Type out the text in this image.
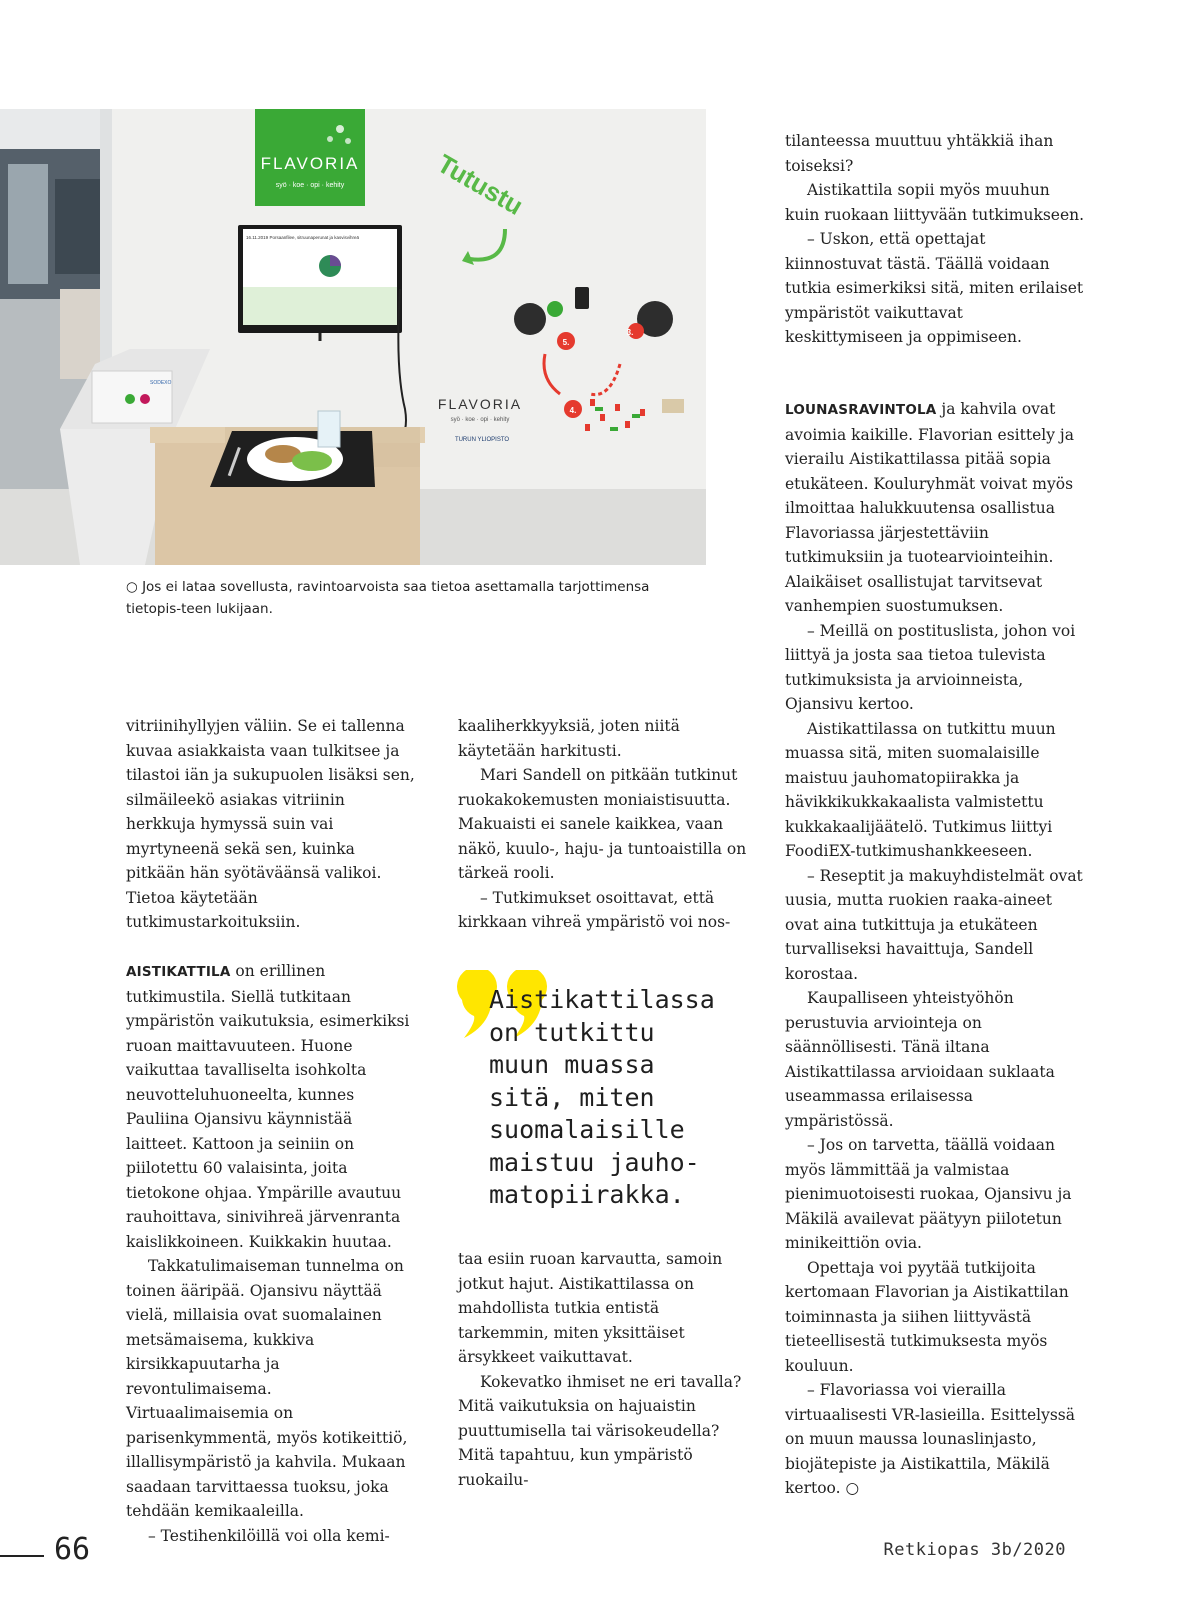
FLAVORIA
syö · koe · opi · kehity
16.11.2019 Porsaanfilee, sitruunaperunat ja kasvisvihreä
Tutustu
3.
5.
4.
FLAVORIA
syö · koe · opi · kehity
TURUN YLIOPISTO
SODEXO
○ Jos ei lataa sovellusta, ravintoarvoista saa tietoa asettamalla tarjottimensa tietopis-teen lukijaan.

vitriinihyllyjen väliin. Se ei tallenna kuvaa asiakkaista vaan tulkitsee ja tilastoi iän ja sukupuolen lisäksi sen, silmäileekö asiakas vitriinin herkkuja hymyssä suin vai myrtyneenä sekä sen, kuinka pitkään hän syötäväänsä valikoi. Tietoa käytetään tutkimustarkoituksiin.

AISTIKATTILA on erillinen tutkimustila. Siellä tutkitaan ympäristön vaikutuksia, esimerkiksi ruoan maittavuuteen. Huone vaikuttaa tavalliselta isohkolta neuvotteluhuoneelta, kunnes Pauliina Ojansivu käynnistää laitteet. Kattoon ja seiniin on piilotettu 60 valaisinta, joita tietokone ohjaa. Ympärille avautuu rauhoittava, sinivihreä järvenranta kaislikkoineen. Kuikkakin huutaa.

Takkatulimaiseman tunnelma on toinen ääripää. Ojansivu näyttää vielä, millaisia ovat suomalainen metsämaisema, kukkiva kirsikkapuutarha ja revontulimaisema. Virtuaalimaisemia on parisenkymmentä, myös kotikeittiö, illallisympäristö ja kahvila. Mukaan saadaan tarvittaessa tuoksu, joka tehdään kemikaaleilla.

– Testihenkilöillä voi olla kemi-

kaaliherkkyyksiä, joten niitä käytetään harkitusti.

Mari Sandell on pitkään tutkinut ruokakokemusten moniaistisuutta. Makuaisti ei sanele kaikkea, vaan näkö, kuulo-, haju- ja tuntoaistilla on tärkeä rooli.

– Tutkimukset osoittavat, että kirkkaan vihreä ympäristö voi nos-

Aistikattilassa
on tutkittu
muun muassa
sitä, miten
suomalaisille
maistuu jauho-
matopiirakka.

taa esiin ruoan karvautta, samoin jotkut hajut. Aistikattilassa on mahdollista tutkia entistä tarkemmin, miten yksittäiset ärsykkeet vaikuttavat.

Kokevatko ihmiset ne eri tavalla? Mitä vaikutuksia on hajuaistin puuttumisella tai värisokeudella? Mitä tapahtuu, kun ympäristö ruokailu-

tilanteessa muuttuu yhtäkkiä ihan toiseksi?

Aistikattila sopii myös muuhun kuin ruokaan liittyvään tutkimukseen.

– Uskon, että opettajat kiinnostuvat tästä. Täällä voidaan tutkia esimerkiksi sitä, miten erilaiset ympäristöt vaikuttavat keskittymiseen ja oppimiseen.

LOUNASRAVINTOLA ja kahvila ovat avoimia kaikille. Flavorian esittely ja vierailu Aistikattilassa pitää sopia etukäteen. Kouluryhmät voivat myös ilmoittaa halukkuutensa osallistua Flavoriassa järjestettäviin tutkimuksiin ja tuotearviointeihin. Alaikäiset osallistujat tarvitsevat vanhempien suostumuksen.

– Meillä on postituslista, johon voi liittyä ja josta saa tietoa tulevista tutkimuksista ja arvioinneista, Ojansivu kertoo.

Aistikattilassa on tutkittu muun muassa sitä, miten suomalaisille maistuu jauhomatopiirakka ja hävikkikukkakaalista valmistettu kukkakaalijäätelö. Tutkimus liittyi FoodiEX-tutkimushankkeeseen.

– Reseptit ja makuyhdistelmät ovat uusia, mutta ruokien raaka-aineet ovat aina tutkittuja ja etukäteen turvalliseksi havaittuja, Sandell korostaa.

Kaupalliseen yhteistyöhön perustuvia arviointeja on säännöllisesti. Tänä iltana Aistikattilassa arvioidaan suklaata useammassa erilaisessa ympäristössä.

– Jos on tarvetta, täällä voidaan myös lämmittää ja valmistaa pienimuotoisesti ruokaa, Ojansivu ja Mäkilä availevat päätyyn piilotetun minikeittiön ovia.

Opettaja voi pyytää tutkijoita kertomaan Flavorian ja Aistikattilan toiminnasta ja siihen liittyvästä tieteellisestä tutkimuksesta myös kouluun.

– Flavoriassa voi vierailla virtuaalisesti VR-lasieilla. Esittelyssä on muun maussa lounaslinjasto, biojätepiste ja Aistikattila, Mäkilä kertoo. ○

66	Retkiopas 3b/2020
